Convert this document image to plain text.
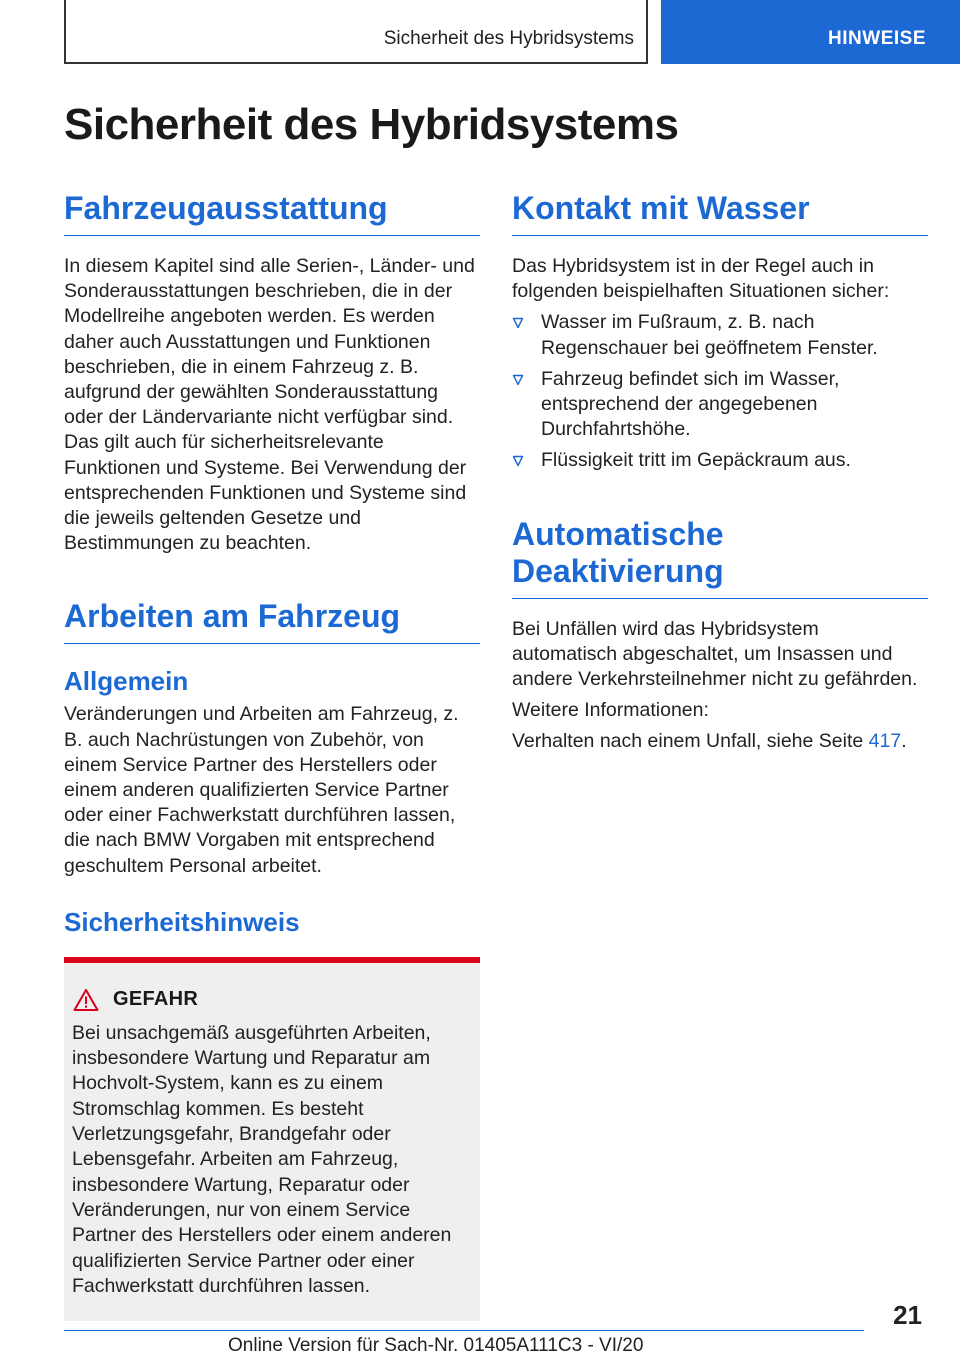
Sicherheit des Hybridsystems	HINWEISE
Sicherheit des Hybridsystems
Fahrzeugausstattung

In diesem Kapitel sind alle Serien-, Länder- und Sonderausstattungen beschrieben, die in der Modellreihe angeboten werden. Es werden daher auch Ausstattungen und Funktionen beschrieben, die in einem Fahrzeug z. B. aufgrund der gewählten Sonderausstattung oder der Ländervariante nicht verfügbar sind. Das gilt auch für sicherheitsrelevante Funktionen und Systeme. Bei Verwendung der entsprechenden Funktionen und Systeme sind die jeweils geltenden Gesetze und Bestimmungen zu beachten.

Arbeiten am Fahrzeug
Allgemein

Veränderungen und Arbeiten am Fahrzeug, z. B. auch Nachrüstungen von Zubehör, von einem Service Partner des Herstellers oder einem anderen qualifizierten Service Partner oder einer Fachwerkstatt durchführen lassen, die nach BMW Vorgaben mit entsprechend geschultem Personal arbeitet.

Sicherheitshinweis
GEFAHR

Bei unsachgemäß ausgeführten Arbeiten, insbesondere Wartung und Reparatur am Hochvolt-System, kann es zu einem Stromschlag kommen. Es besteht Verletzungsgefahr, Brandgefahr oder Lebensgefahr. Arbeiten am Fahrzeug, insbesondere Wartung, Reparatur oder Veränderungen, nur von einem Service Partner des Herstellers oder einem anderen qualifizierten Service Partner oder einer Fachwerkstatt durchführen lassen.

Kontakt mit Wasser

Das Hybridsystem ist in der Regel auch in folgenden beispielhaften Situationen sicher:

Wasser im Fußraum, z. B. nach Regenschauer bei geöffnetem Fenster.
Fahrzeug befindet sich im Wasser, entsprechend der angegebenen Durchfahrtshöhe.
Flüssigkeit tritt im Gepäckraum aus.
Automatische Deaktivierung

Bei Unfällen wird das Hybridsystem automatisch abgeschaltet, um Insassen und andere Verkehrsteilnehmer nicht zu gefährden.

Weitere Informationen:

Verhalten nach einem Unfall, siehe Seite 417.

21
Online Version für Sach-Nr. 01405A111C3 - VI/20
